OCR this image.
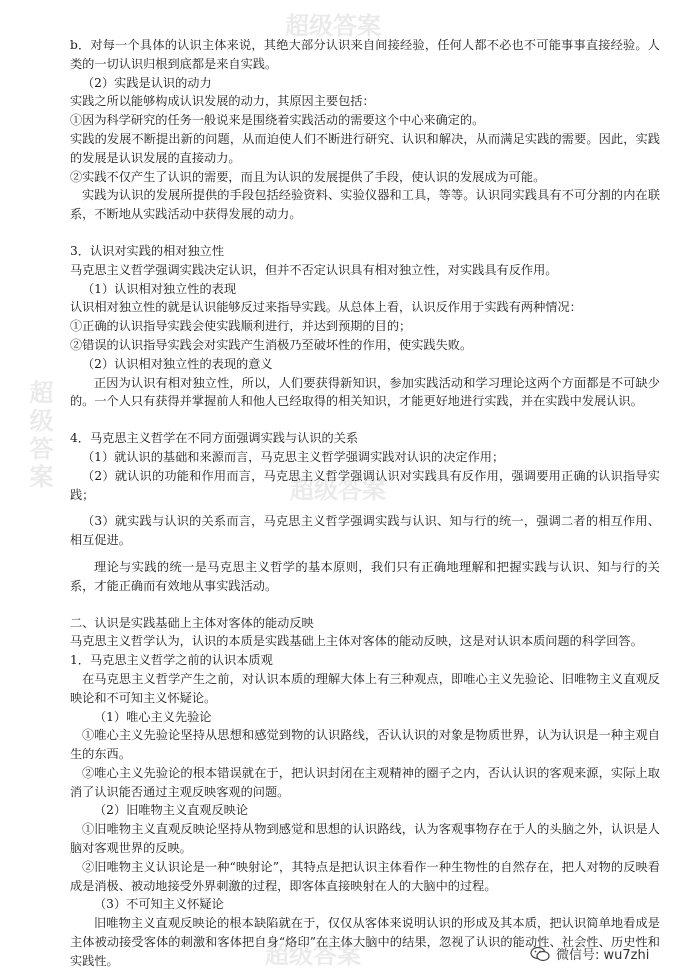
超级答案
超级答案
超级答案
超级答案

b．对每一个具体的认识主体来说，其绝大部分认识来自间接经验，任何人都不必也不可能事事直接经验。人类的一切认识归根到底都是来自实践。

（2）实践是认识的动力

实践之所以能够构成认识发展的动力，其原因主要包括：

①因为科学研究的任务一般说来是围绕着实践活动的需要这个中心来确定的。

实践的发展不断提出新的问题，从而迫使人们不断进行研究、认识和解决，从而满足实践的需要。因此，实践的发展是认识发展的直接动力。

②实践不仅产生了认识的需要，而且为认识的发展提供了手段，使认识的发展成为可能。

实践为认识的发展所提供的手段包括经验资料、实验仪器和工具，等等。认识同实践具有不可分割的内在联系，不断地从实践活动中获得发展的动力。

3．认识对实践的相对独立性

马克思主义哲学强调实践决定认识，但并不否定认识具有相对独立性，对实践具有反作用。

（1）认识相对独立性的表现

认识相对独立性的就是认识能够反过来指导实践。从总体上看，认识反作用于实践有两种情况：

①正确的认识指导实践会使实践顺利进行，并达到预期的目的；

②错误的认识指导实践会对实践产生消极乃至破坏性的作用，使实践失败。

（2）认识相对独立性的表现的意义

正因为认识有相对独立性，所以，人们要获得新知识，参加实践活动和学习理论这两个方面都是不可缺少的。一个人只有获得并掌握前人和他人已经取得的相关知识，才能更好地进行实践，并在实践中发展认识。

4．马克思主义哲学在不同方面强调实践与认识的关系

（1）就认识的基础和来源而言，马克思主义哲学强调实践对认识的决定作用；

（2）就认识的功能和作用而言，马克思主义哲学强调认识对实践具有反作用，强调要用正确的认识指导实践；

（3）就实践与认识的关系而言，马克思主义哲学强调实践与认识、知与行的统一，强调二者的相互作用、相互促进。

理论与实践的统一是马克思主义哲学的基本原则，我们只有正确地理解和把握实践与认识、知与行的关系，才能正确而有效地从事实践活动。

二、认识是实践基础上主体对客体的能动反映

马克思主义哲学认为，认识的本质是实践基础上主体对客体的能动反映，这是对认识本质问题的科学回答。

1．马克思主义哲学之前的认识本质观

在马克思主义哲学产生之前，对认识本质的理解大体上有三种观点，即唯心主义先验论、旧唯物主义直观反映论和不可知主义怀疑论。

（1）唯心主义先验论

①唯心主义先验论坚持从思想和感觉到物的认识路线，否认认识的对象是物质世界，认为认识是一种主观自生的东西。

②唯心主义先验论的根本错误就在于，把认识封闭在主观精神的圈子之内，否认认识的客观来源，实际上取消了认识能否通过主观反映客观的问题。

（2）旧唯物主义直观反映论

①旧唯物主义直观反映论坚持从物到感觉和思想的认识路线，认为客观事物存在于人的头脑之外，认识是人脑对客观世界的反映。

②旧唯物主义认识论是一种“映射论”，其特点是把认识主体看作一种生物性的自然存在，把人对物的反映看成是消极、被动地接受外界刺激的过程，即客体直接映射在人的大脑中的过程。

（3）不可知主义怀疑论

旧唯物主义直观反映论的根本缺陷就在于，仅仅从客体来说明认识的形成及其本质，把认识简单地看成是主体被动接受客体的刺激和客体把自身“烙印”在主体大脑中的结果，忽视了认识的能动性、社会性、历史性和实践性。	微信号: wu7zhi
